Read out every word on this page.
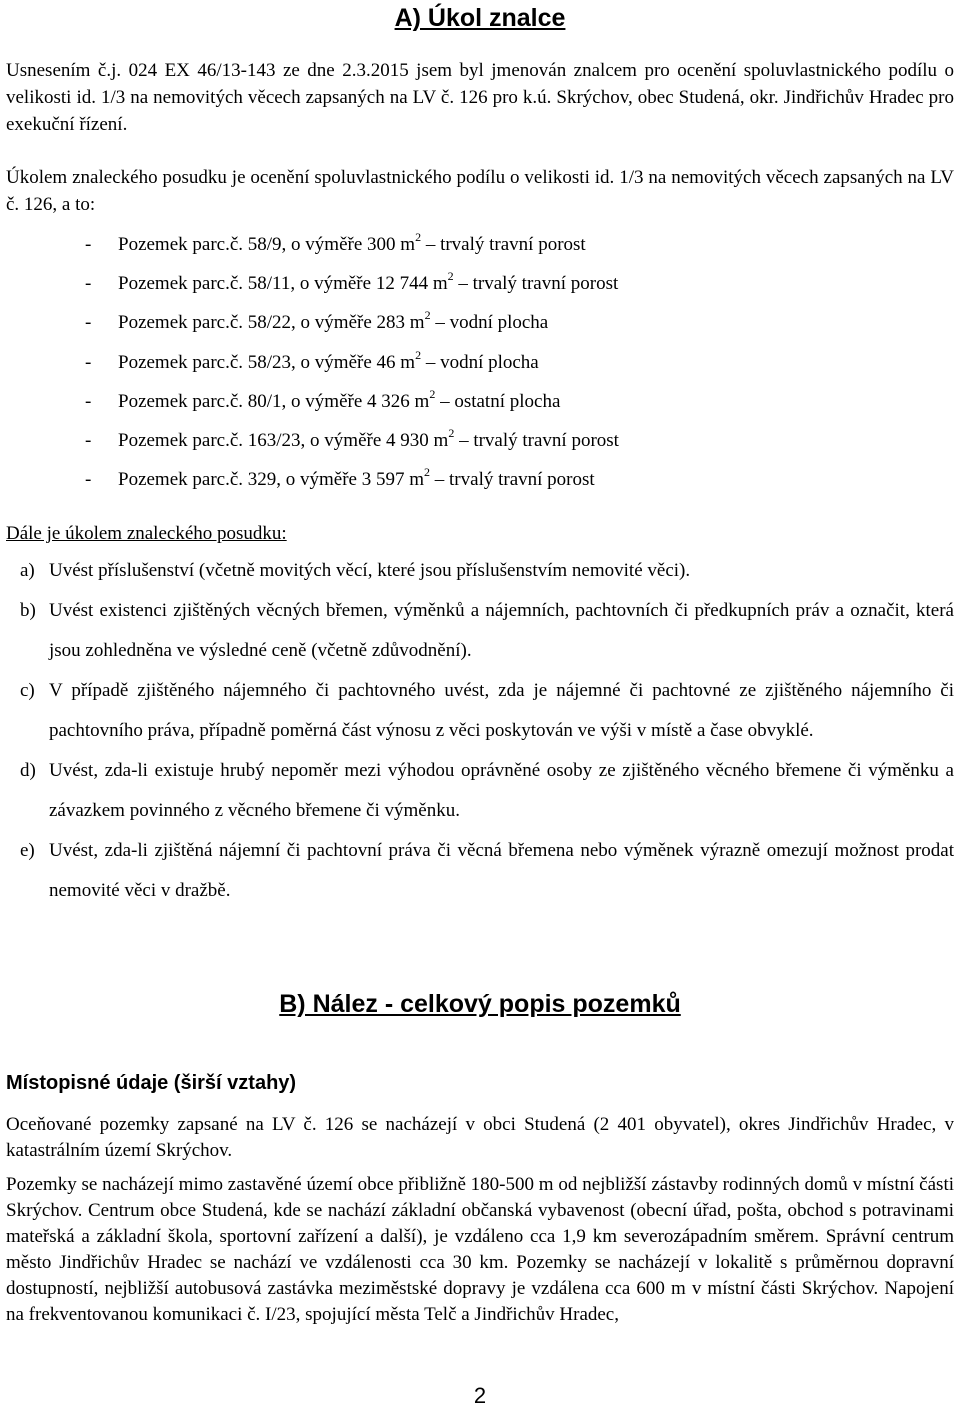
A) Úkol znalce

Usnesením č.j. 024 EX 46/13-143 ze dne 2.3.2015 jsem byl jmenován znalcem pro ocenění spoluvlastnického podílu o velikosti id. 1/3 na nemovitých věcech zapsaných na LV č. 126 pro k.ú. Skrýchov, obec Studená, okr. Jindřichův Hradec pro exekuční řízení.

Úkolem znaleckého posudku je ocenění spoluvlastnického podílu o velikosti id. 1/3 na nemovitých věcech zapsaných na LV č. 126, a to:

- Pozemek parc.č. 58/9, o výměře 300 $m^2$ – trvalý travní porost
- Pozemek parc.č. 58/11, o výměře 12 744 $m^2$ – trvalý travní porost
- Pozemek parc.č. 58/22, o výměře 283 $m^2$ – vodní plocha
- Pozemek parc.č. 58/23, o výměře 46 $m^2$ – vodní plocha
- Pozemek parc.č. 80/1, o výměře 4 326 $m^2$ – ostatní plocha
- Pozemek parc.č. 163/23, o výměře 4 930 $m^2$ – trvalý travní porost
- Pozemek parc.č. 329, o výměře 3 597 $m^2$ – trvalý travní porost

Dále je úkolem znaleckého posudku:

a) Uvést příslušenství (včetně movitých věcí, které jsou příslušenstvím nemovité věci).
b) Uvést existenci zjištěných věcných břemen, výměnků a nájemních, pachtovních či předkupních práv a označit, která jsou zohledněna ve výsledné ceně (včetně zdůvodnění).
c) V případě zjištěného nájemného či pachtovného uvést, zda je nájemné či pachtovné ze zjištěného nájemního či pachtovního práva, případně poměrná část výnosu z věci poskytován ve výši v místě a čase obvyklé.
d) Uvést, zda-li existuje hrubý nepoměr mezi výhodou oprávněné osoby ze zjištěného věcného břemene či výměnku a závazkem povinného z věcného břemene či výměnku.
e) Uvést, zda-li zjištěná nájemní či pachtovní práva či věcná břemena nebo výměnek výrazně omezují možnost prodat nemovité věci v dražbě.
B) Nález - celkový popis pozemků
Místopisné údaje (širší vztahy)

Oceňované pozemky zapsané na LV č. 126 se nacházejí v obci Studená (2 401 obyvatel), okres Jindřichův Hradec, v katastrálním území Skrýchov.

Pozemky se nacházejí mimo zastavěné území obce přibližně 180-500 m od nejbližší zástavby rodinných domů v místní části Skrýchov. Centrum obce Studená, kde se nachází základní občanská vybavenost (obecní úřad, pošta, obchod s potravinami mateřská a základní škola, sportovní zařízení a další), je vzdáleno cca 1,9 km severozápadním směrem. Správní centrum město Jindřichův Hradec se nachází ve vzdálenosti cca 30 km. Pozemky se nacházejí v lokalitě s průměrnou dopravní dostupností, nejbližší autobusová zastávka meziměstské dopravy je vzdálena cca 600 m v místní části Skrýchov. Napojení na frekventovanou komunikaci č. I/23, spojující města Telč a Jindřichův Hradec,

2
